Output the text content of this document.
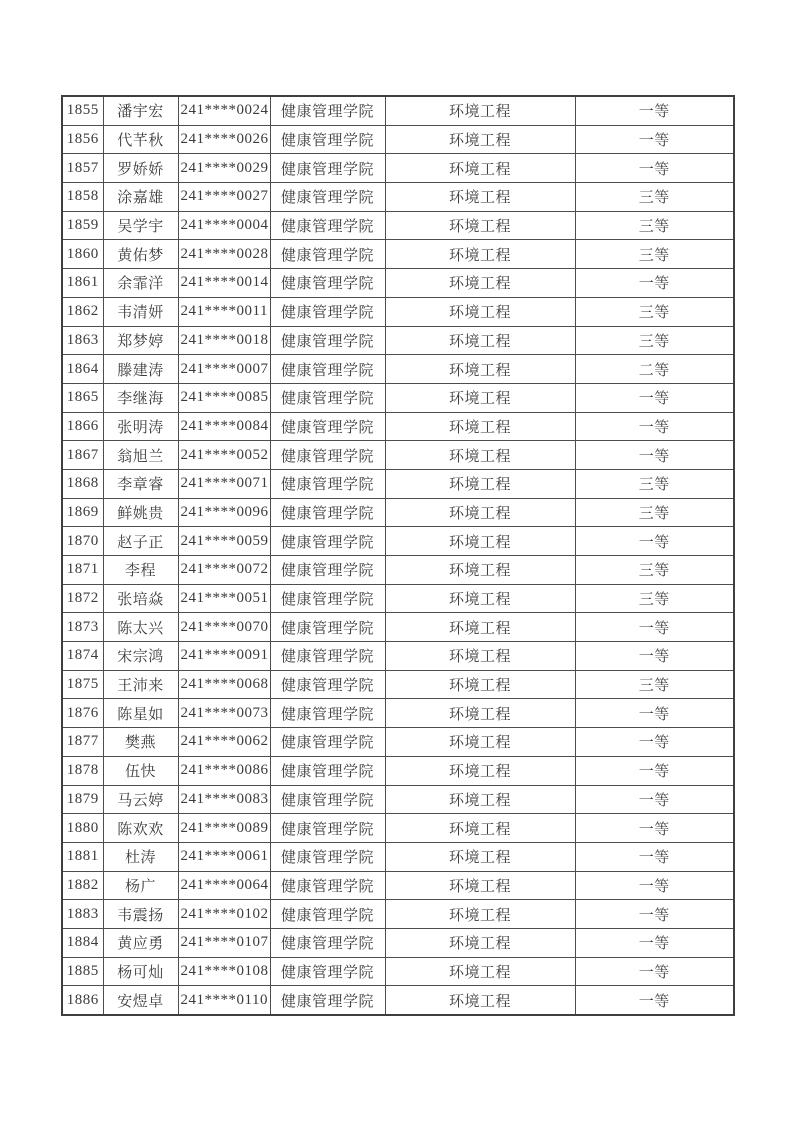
1855	潘宇宏	241****0024	健康管理学院	环境工程	一等
1856	代芊秋	241****0026	健康管理学院	环境工程	一等
1857	罗娇娇	241****0029	健康管理学院	环境工程	一等
1858	涂嘉雄	241****0027	健康管理学院	环境工程	三等
1859	吴学宇	241****0004	健康管理学院	环境工程	三等
1860	黄佑梦	241****0028	健康管理学院	环境工程	三等
1861	余霏洋	241****0014	健康管理学院	环境工程	一等
1862	韦清妍	241****0011	健康管理学院	环境工程	三等
1863	郑梦婷	241****0018	健康管理学院	环境工程	三等
1864	滕建涛	241****0007	健康管理学院	环境工程	二等
1865	李继海	241****0085	健康管理学院	环境工程	一等
1866	张明涛	241****0084	健康管理学院	环境工程	一等
1867	翁旭兰	241****0052	健康管理学院	环境工程	一等
1868	李章睿	241****0071	健康管理学院	环境工程	三等
1869	鲜姚贵	241****0096	健康管理学院	环境工程	三等
1870	赵子正	241****0059	健康管理学院	环境工程	一等
1871	李程	241****0072	健康管理学院	环境工程	三等
1872	张培焱	241****0051	健康管理学院	环境工程	三等
1873	陈太兴	241****0070	健康管理学院	环境工程	一等
1874	宋宗鸿	241****0091	健康管理学院	环境工程	一等
1875	王沛来	241****0068	健康管理学院	环境工程	三等
1876	陈星如	241****0073	健康管理学院	环境工程	一等
1877	樊燕	241****0062	健康管理学院	环境工程	一等
1878	伍快	241****0086	健康管理学院	环境工程	一等
1879	马云婷	241****0083	健康管理学院	环境工程	一等
1880	陈欢欢	241****0089	健康管理学院	环境工程	一等
1881	杜涛	241****0061	健康管理学院	环境工程	一等
1882	杨广	241****0064	健康管理学院	环境工程	一等
1883	韦震扬	241****0102	健康管理学院	环境工程	一等
1884	黄应勇	241****0107	健康管理学院	环境工程	一等
1885	杨可灿	241****0108	健康管理学院	环境工程	一等
1886	安煜卓	241****0110	健康管理学院	环境工程	一等
